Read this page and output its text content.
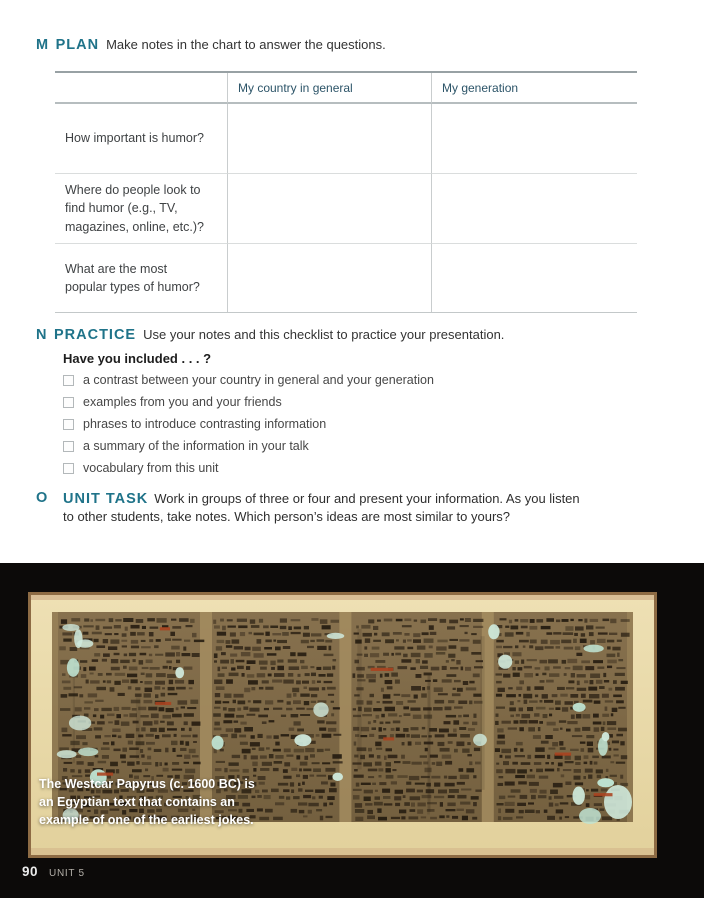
M PLAN Make notes in the chart to answer the questions.
My country in general	My generation
How important is humor?
Where do people look to find humor (e.g., TV, magazines, online, etc.)?
What are the most popular types of humor?
N PRACTICE Use your notes and this checklist to practice your presentation.
Have you included . . . ?
a contrast between your country in general and your generation
examples from you and your friends
phrases to introduce contrasting information
a summary of the information in your talk
vocabulary from this unit
O	UNIT TASK Work in groups of three or four and present your information. As you listen
to other students, take notes. Which person’s ideas are most similar to yours?
The Westcar Papyrus (c. 1600 BC) is
an Egyptian text that contains an
example of one of the earliest jokes.
90 UNIT 5
